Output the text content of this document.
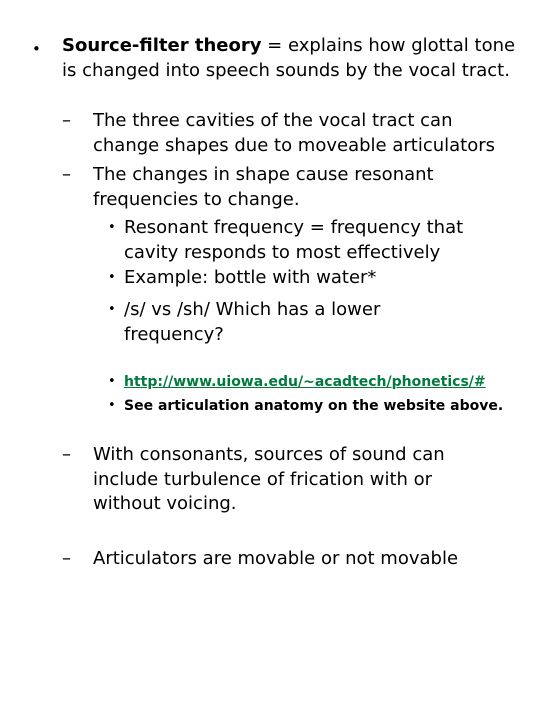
• Source-filter theory = explains how glottal tone is changed into speech sounds by the vocal tract.
– The three cavities of the vocal tract can change shapes due to moveable articulators
– The changes in shape cause resonant frequencies to change.
• Resonant frequency = frequency that cavity responds to most effectively
• Example: bottle with water*
• /s/ vs /sh/ Which has a lower frequency?
• http://www.uiowa.edu/~acadtech/phonetics/#
• See articulation anatomy on the website above.
– With consonants, sources of sound can include turbulence of frication with or without voicing.
– Articulators are movable or not movable
